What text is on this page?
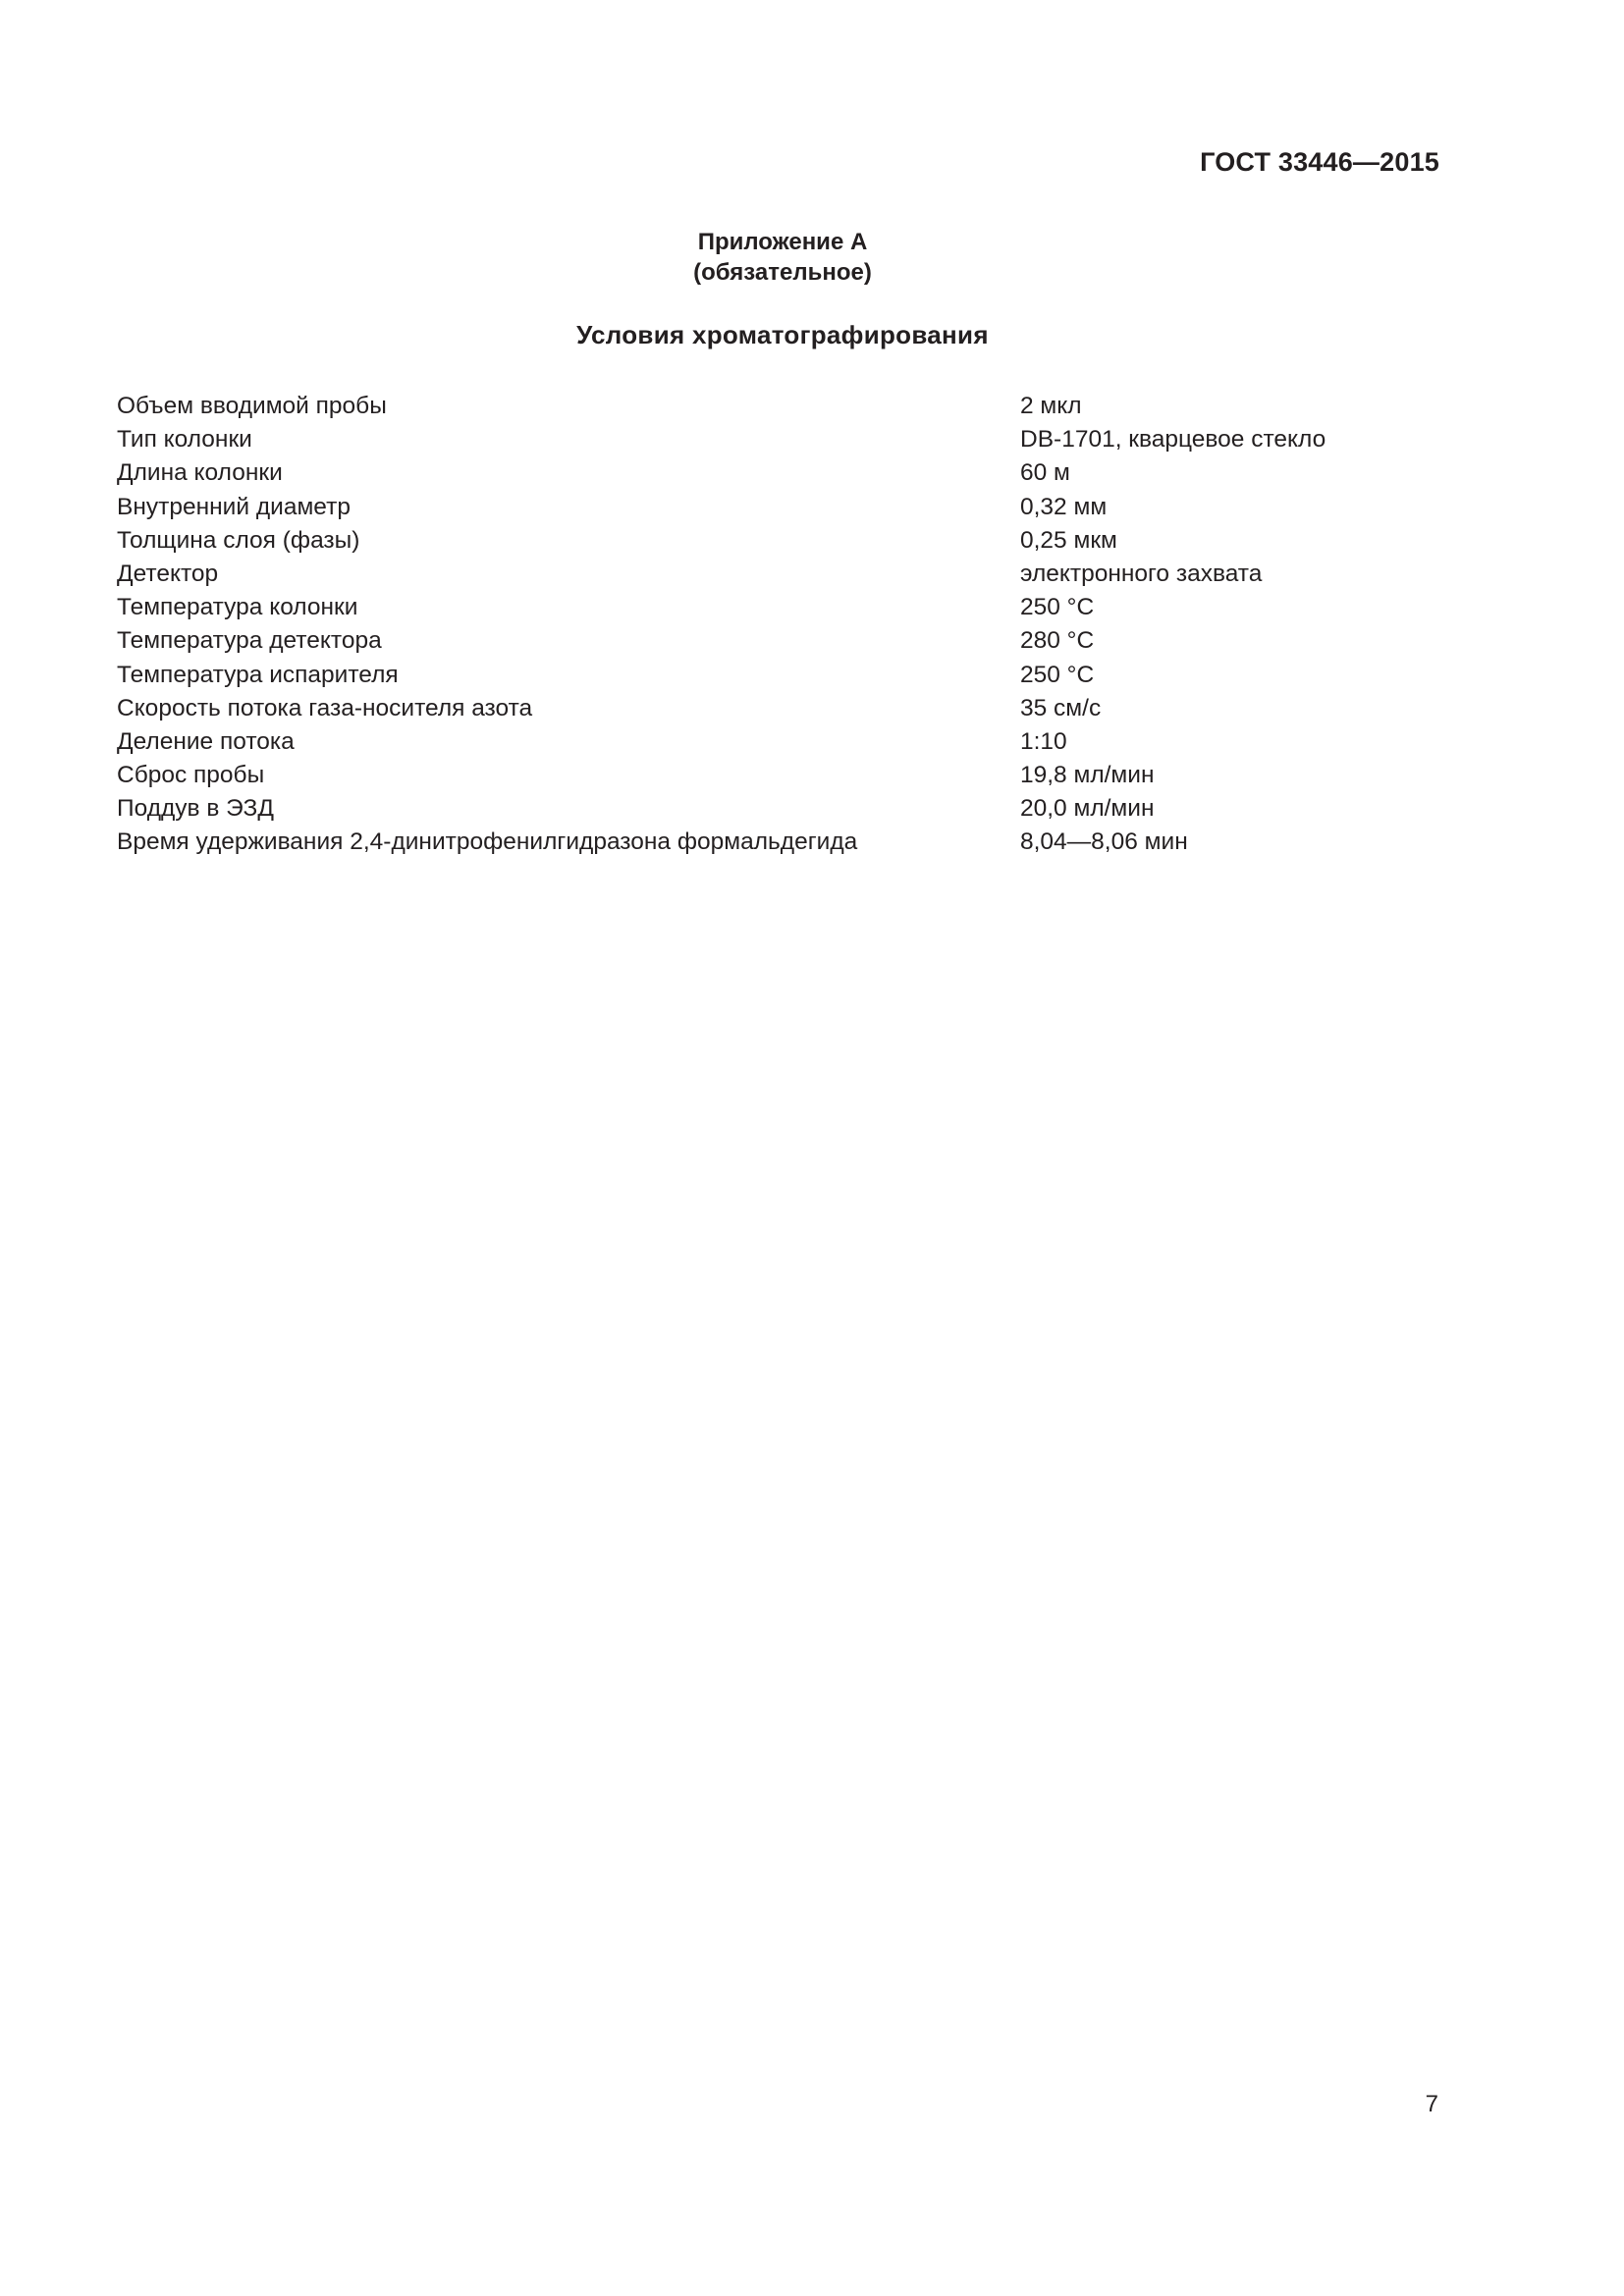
ГОСТ 33446—2015
Приложение А
(обязательное)
Условия хроматографирования
Объем вводимой пробы	2 мкл
Тип колонки	DB-1701, кварцевое стекло
Длина колонки	60 м
Внутренний диаметр	0,32 мм
Толщина слоя (фазы)	0,25 мкм
Детектор	электронного захвата
Температура колонки	250 °С
Температура детектора	280 °С
Температура испарителя	250 °С
Скорость потока газа-носителя азота	35 см/с
Деление потока	1:10
Сброс пробы	19,8 мл/мин
Поддув в ЭЗД	20,0 мл/мин
Время удерживания 2,4-динитрофенилгидразона формальдегида	8,04—8,06 мин
7
